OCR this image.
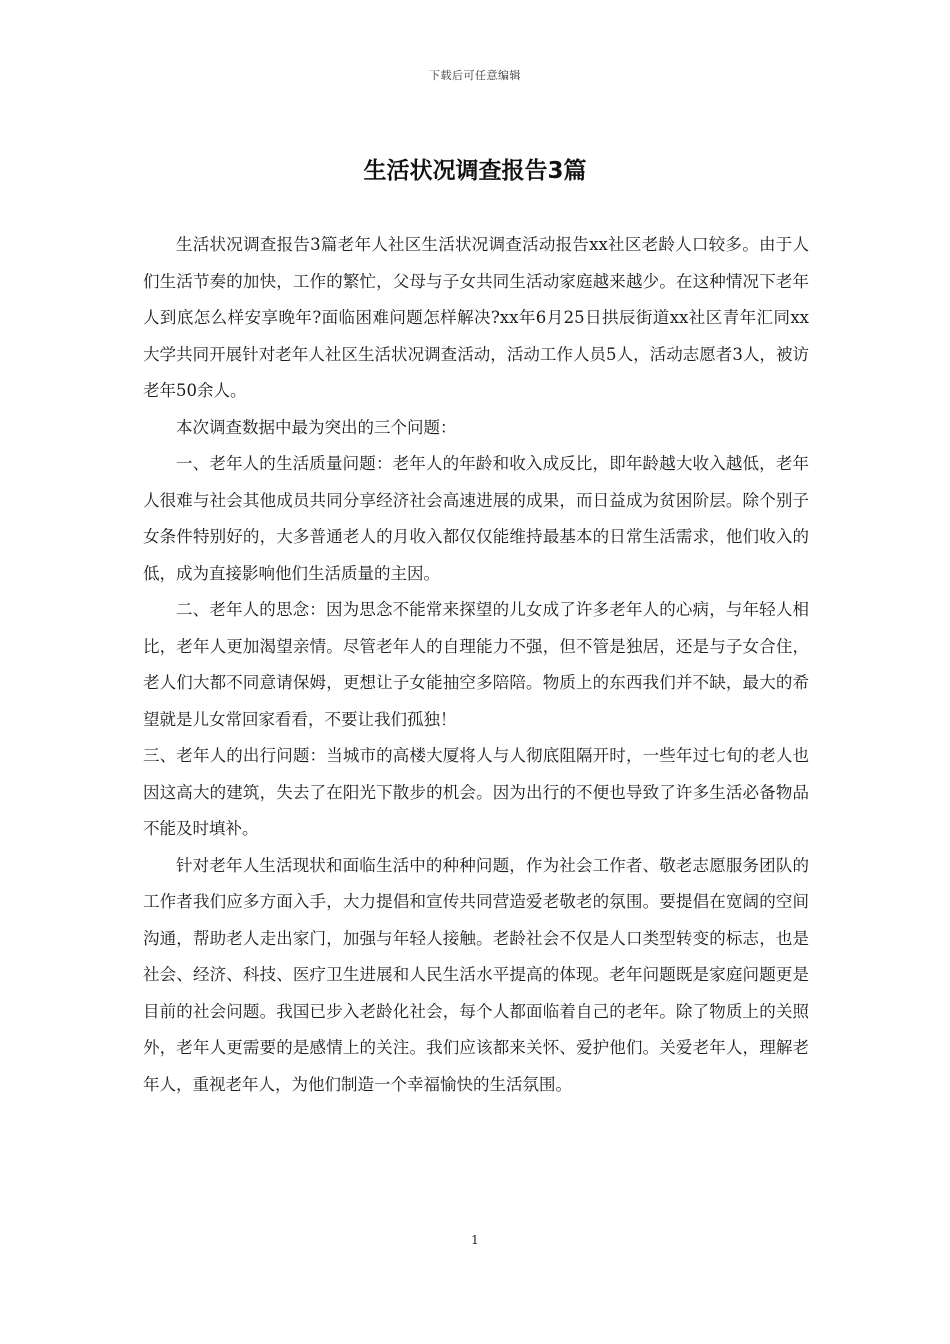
下载后可任意编辑
生活状况调查报告3篇

生活状况调查报告3篇老年人社区生活状况调查活动报告xx社区老龄人口较多。由于人们生活节奏的加快，工作的繁忙，父母与子女共同生活动家庭越来越少。在这种情况下老年人到底怎么样安享晚年?面临困难问题怎样解决?xx年6月25日拱辰街道xx社区青年汇同xx大学共同开展针对老年人社区生活状况调查活动，活动工作人员5人，活动志愿者3人，被访老年50余人。

本次调查数据中最为突出的三个问题：

一、老年人的生活质量问题：老年人的年龄和收入成反比，即年龄越大收入越低，老年人很难与社会其他成员共同分享经济社会高速进展的成果，而日益成为贫困阶层。除个别子女条件特别好的，大多普通老人的月收入都仅仅能维持最基本的日常生活需求，他们收入的低，成为直接影响他们生活质量的主因。

二、老年人的思念：因为思念不能常来探望的儿女成了许多老年人的心病，与年轻人相比，老年人更加渴望亲情。尽管老年人的自理能力不强，但不管是独居，还是与子女合住，老人们大都不同意请保姆，更想让子女能抽空多陪陪。物质上的东西我们并不缺，最大的希望就是儿女常回家看看，不要让我们孤独！

三、老年人的出行问题：当城市的高楼大厦将人与人彻底阻隔开时，一些年过七旬的老人也因这高大的建筑，失去了在阳光下散步的机会。因为出行的不便也导致了许多生活必备物品不能及时填补。

针对老年人生活现状和面临生活中的种种问题，作为社会工作者、敬老志愿服务团队的工作者我们应多方面入手，大力提倡和宣传共同营造爱老敬老的氛围。要提倡在宽阔的空间沟通，帮助老人走出家门，加强与年轻人接触。老龄社会不仅是人口类型转变的标志，也是社会、经济、科技、医疗卫生进展和人民生活水平提高的体现。老年问题既是家庭问题更是目前的社会问题。我国已步入老龄化社会，每个人都面临着自己的老年。除了物质上的关照外，老年人更需要的是感情上的关注。我们应该都来关怀、爱护他们。关爱老年人，理解老年人，重视老年人，为他们制造一个幸福愉快的生活氛围。

1
